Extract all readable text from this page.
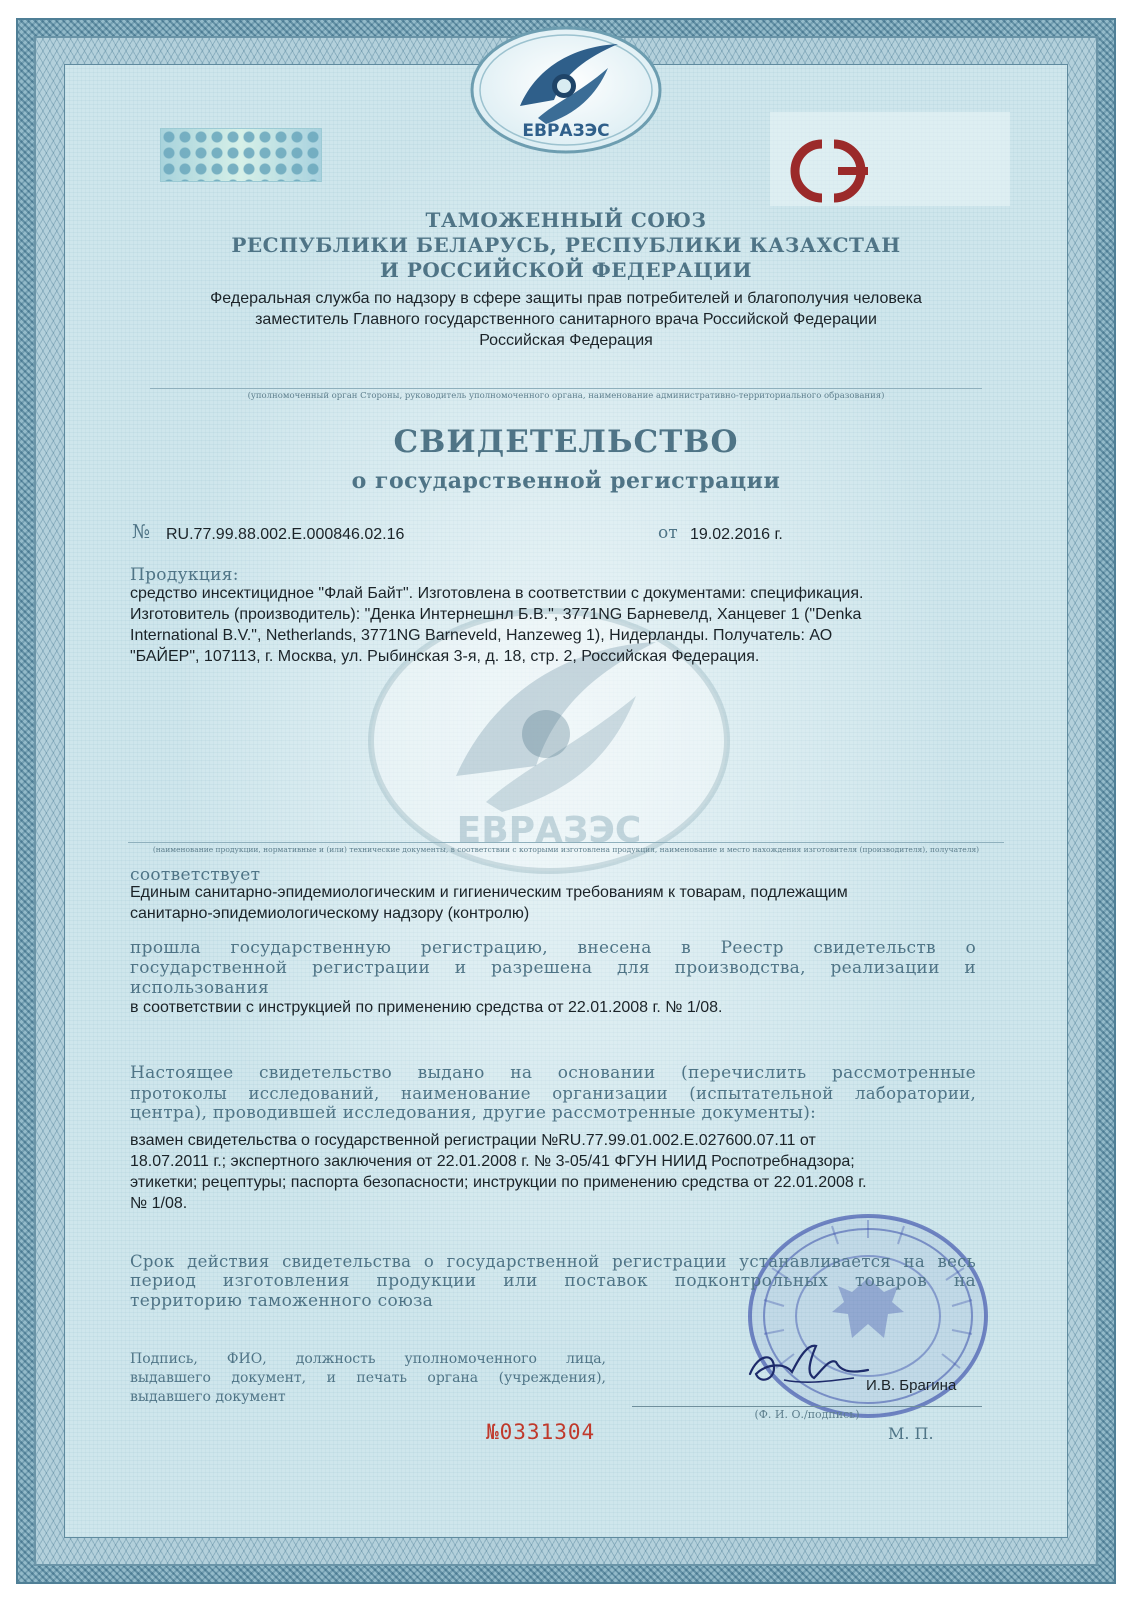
ЕВРАЗЭС
ЕВРАЗЭС
ТАМОЖЕННЫЙ СОЮЗ
РЕСПУБЛИКИ БЕЛАРУСЬ, РЕСПУБЛИКИ КАЗАХСТАН
И РОССИЙСКОЙ ФЕДЕРАЦИИ
Федеральная служба по надзору в сфере защиты прав потребителей и благополучия человека
заместитель Главного государственного санитарного врача Российской Федерации
Российская Федерация
(уполномоченный орган Стороны, руководитель уполномоченного органа, наименование административно-территориального образования)
СВИДЕТЕЛЬСТВО
о государственной регистрации
№ RU.77.99.88.002.E.000846.02.16	от 19.02.2016 г.
Продукция:
средство инсектицидное "Флай Байт". Изготовлена в соответствии с документами: спецификация.
Изготовитель (производитель): "Денка Интернешнл Б.В.", 3771NG Барневелд, Ханцевег 1 ("Denka
International B.V.", Netherlands, 3771NG Barneveld, Hanzeweg 1), Нидерланды. Получатель: АО
"БАЙЕР", 107113, г. Москва, ул. Рыбинская 3-я, д. 18, стр. 2, Российская Федерация.
(наименование продукции, нормативные и (или) технические документы, в соответствии с которыми изготовлена продукция, наименование и место нахождения изготовителя (производителя), получателя)
соответствует
Единым санитарно-эпидемиологическим и гигиеническим требованиям к товарам, подлежащим
санитарно-эпидемиологическому надзору (контролю)
прошла государственную регистрацию, внесена в Реестр свидетельств о
государственной регистрации и разрешена для производства, реализации и
использования
в соответствии с инструкцией по применению средства от 22.01.2008 г. № 1/08.
Настоящее свидетельство выдано на основании (перечислить рассмотренные
протоколы исследований, наименование организации (испытательной лаборатории,
центра), проводившей исследования, другие рассмотренные документы):
взамен свидетельства о государственной регистрации №RU.77.99.01.002.Е.027600.07.11 от
18.07.2011 г.; экспертного заключения от 22.01.2008 г. № 3-05/41 ФГУН НИИД Роспотребнадзора;
этикетки; рецептуры; паспорта безопасности; инструкции по применению средства от 22.01.2008 г.
№ 1/08.
Срок действия свидетельства о государственной регистрации устанавливается на весь
период изготовления продукции или поставок подконтрольных товаров на
территорию таможенного союза
Подпись, ФИО, должность уполномоченного лица,
выдавшего документ, и печать органа (учреждения),
выдавшего документ
И.В. Брагина
(Ф. И. О./подпись)
М. П.
№0331304
